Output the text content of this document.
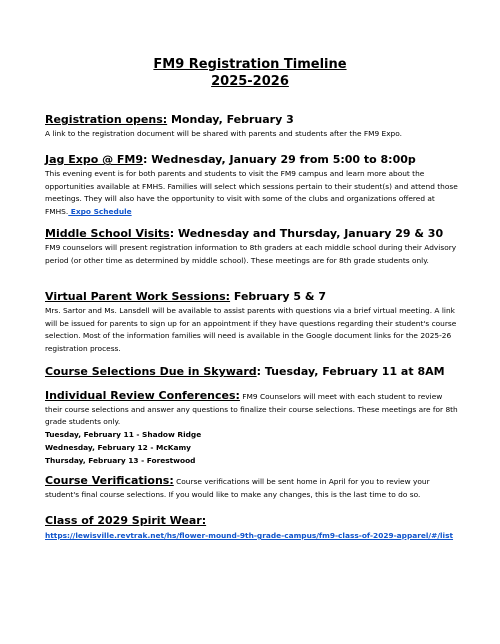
FM9 Registration Timeline
2025-2026
Registration opens: Monday, February 3
A link to the registration document will be shared with parents and students after the FM9 Expo.
Jag Expo @ FM9: Wednesday, January 29 from 5:00 to 8:00p
This evening event is for both parents and students to visit the FM9 campus and learn more about the opportunities available at FMHS. Families will select which sessions pertain to their student(s) and attend those meetings. They will also have the opportunity to visit with some of the clubs and organizations offered at FMHS. Expo Schedule
Middle School Visits: Wednesday and Thursday, January 29 & 30
FM9 counselors will present registration information to 8th graders at each middle school during their Advisory period (or other time as determined by middle school). These meetings are for 8th grade students only.
Virtual Parent Work Sessions: February 5 & 7
Mrs. Sartor and Ms. Lansdell will be available to assist parents with questions via a brief virtual meeting. A link will be issued for parents to sign up for an appointment if they have questions regarding their student's course selection. Most of the information families will need is available in the Google document links for the 2025-26 registration process.
Course Selections Due in Skyward: Tuesday, February 11 at 8AM
Individual Review Conferences: FM9 Counselors will meet with each student to review their course selections and answer any questions to finalize their course selections. These meetings are for 8th grade students only.
Tuesday, February 11 - Shadow Ridge
Wednesday, February 12 - McKamy
Thursday, February 13 - Forestwood
Course Verifications: Course verifications will be sent home in April for you to review your student's final course selections. If you would like to make any changes, this is the last time to do so.
Class of 2029 Spirit Wear:
https://lewisville.revtrak.net/hs/flower-mound-9th-grade-campus/fm9-class-of-2029-apparel/#/list
